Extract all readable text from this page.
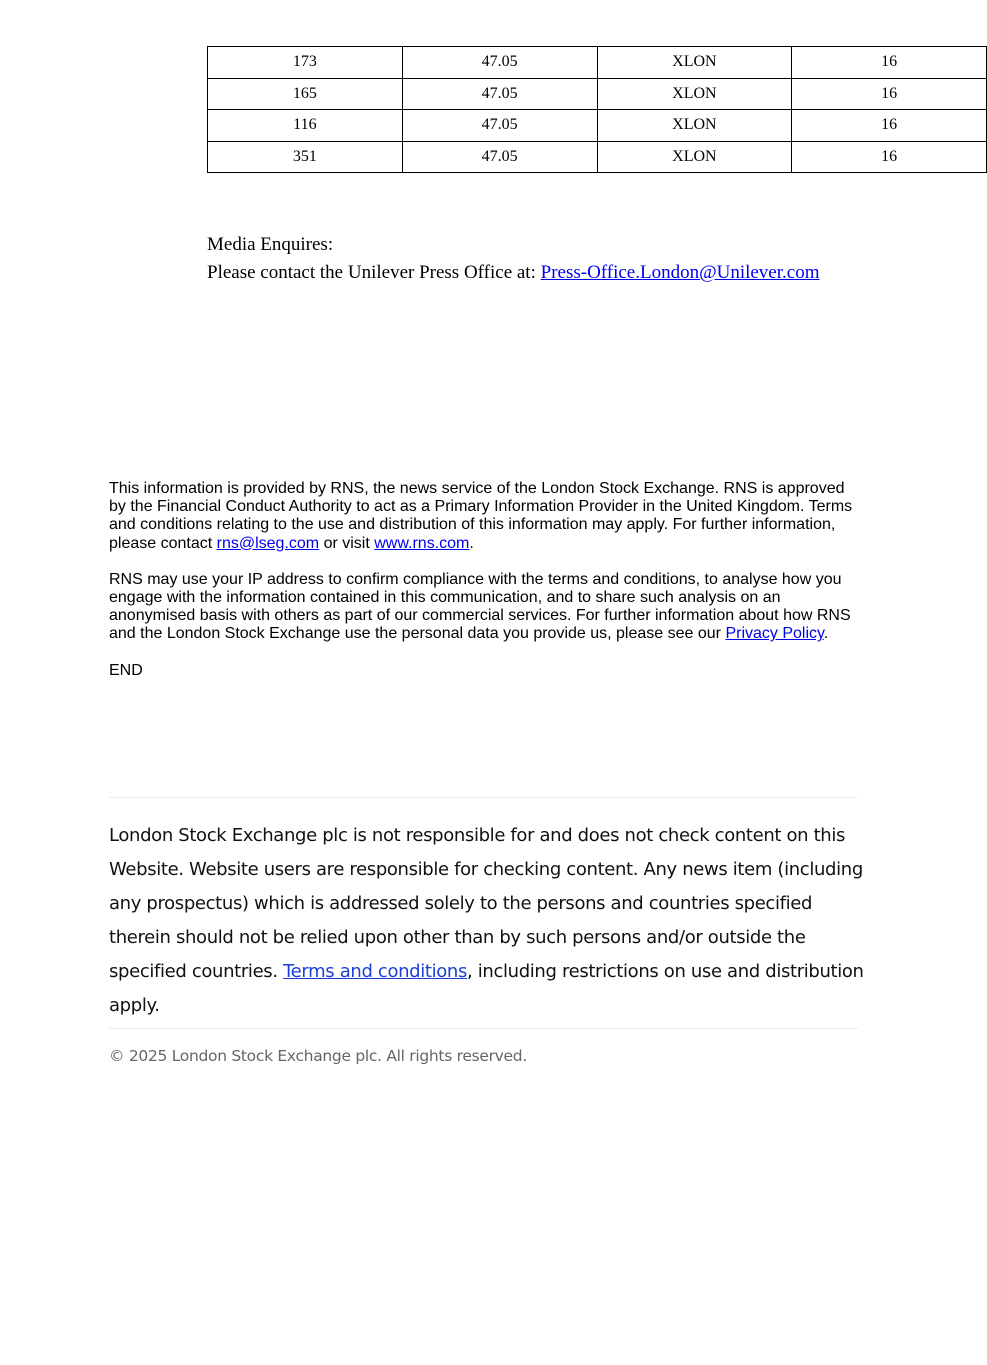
173	47.05	XLON	16
165	47.05	XLON	16
116	47.05	XLON	16
351	47.05	XLON	16
Media Enquires:
Please contact the Unilever Press Office at: Press-Office.London@Unilever.com

This information is provided by RNS, the news service of the London Stock Exchange. RNS is approved by the Financial Conduct Authority to act as a Primary Information Provider in the United Kingdom. Terms and conditions relating to the use and distribution of this information may apply. For further information, please contact rns@lseg.com or visit www.rns.com.

RNS may use your IP address to confirm compliance with the terms and conditions, to analyse how you engage with the information contained in this communication, and to share such analysis on an anonymised basis with others as part of our commercial services. For further information about how RNS and the London Stock Exchange use the personal data you provide us, please see our Privacy Policy.

END

London Stock Exchange plc is not responsible for and does not check content on this Website. Website users are responsible for checking content. Any news item (including any prospectus) which is addressed solely to the persons and countries specified therein should not be relied upon other than by such persons and/or outside the specified countries. Terms and conditions, including restrictions on use and distribution apply.
© 2025 London Stock Exchange plc. All rights reserved.
